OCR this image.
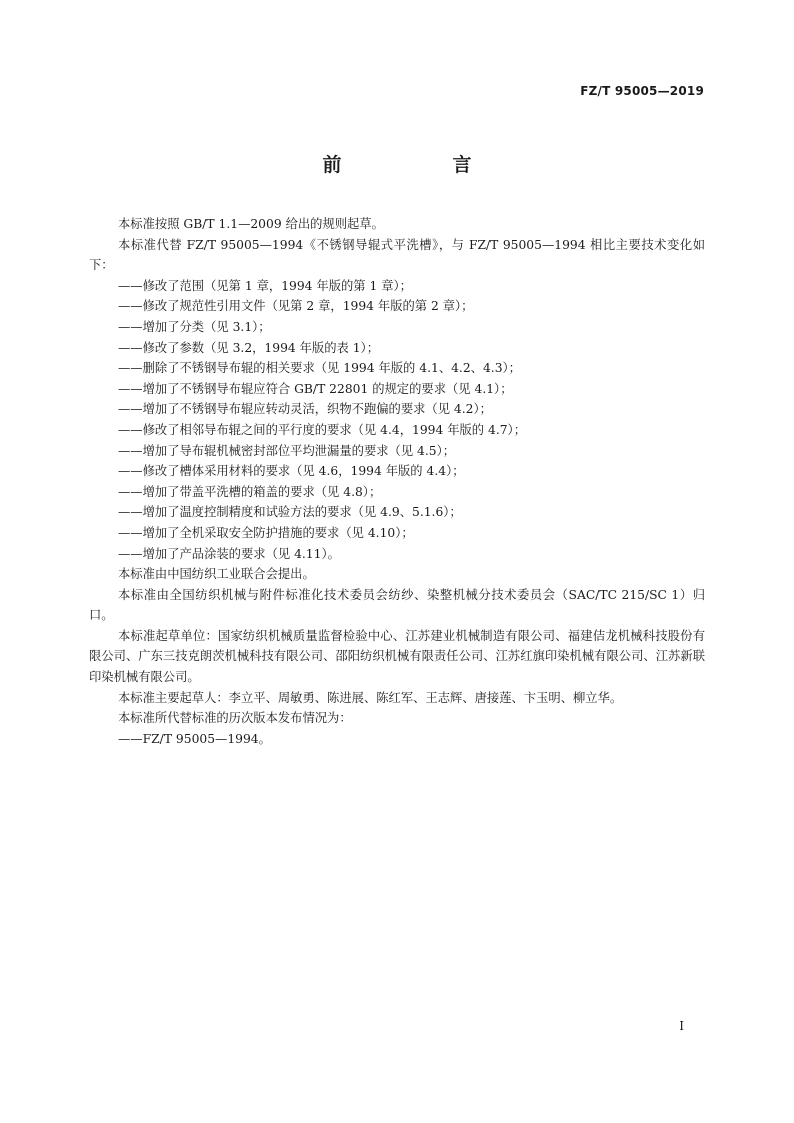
FZ/T 95005—2019
前　言

本标准按照 GB/T 1.1—2009 给出的规则起草。

本标准代替 FZ/T 95005—1994《不锈钢导辊式平洗槽》，与 FZ/T 95005—1994 相比主要技术变化如下：

——修改了范围（见第 1 章，1994 年版的第 1 章）；

——修改了规范性引用文件（见第 2 章，1994 年版的第 2 章）；

——增加了分类（见 3.1）；

——修改了参数（见 3.2，1994 年版的表 1）；

——删除了不锈钢导布辊的相关要求（见 1994 年版的 4.1、4.2、4.3）；

——增加了不锈钢导布辊应符合 GB/T 22801 的规定的要求（见 4.1）；

——增加了不锈钢导布辊应转动灵活，织物不跑偏的要求（见 4.2）；

——修改了相邻导布辊之间的平行度的要求（见 4.4，1994 年版的 4.7）；

——增加了导布辊机械密封部位平均泄漏量的要求（见 4.5）；

——修改了槽体采用材料的要求（见 4.6，1994 年版的 4.4）；

——增加了带盖平洗槽的箱盖的要求（见 4.8）；

——增加了温度控制精度和试验方法的要求（见 4.9、5.1.6）；

——增加了全机采取安全防护措施的要求（见 4.10）；

——增加了产品涂装的要求（见 4.11）。

本标准由中国纺织工业联合会提出。

本标准由全国纺织机械与附件标准化技术委员会纺纱、染整机械分技术委员会（SAC/TC 215/SC 1）归口。

本标准起草单位：国家纺织机械质量监督检验中心、江苏建业机械制造有限公司、福建佶龙机械科技股份有限公司、广东三技克朗茨机械科技有限公司、邵阳纺织机械有限责任公司、江苏红旗印染机械有限公司、江苏新联印染机械有限公司。

本标准主要起草人：李立平、周敏勇、陈进展、陈红军、王志辉、唐接莲、卞玉明、柳立华。

本标准所代替标准的历次版本发布情况为：

——FZ/T 95005—1994。

I
